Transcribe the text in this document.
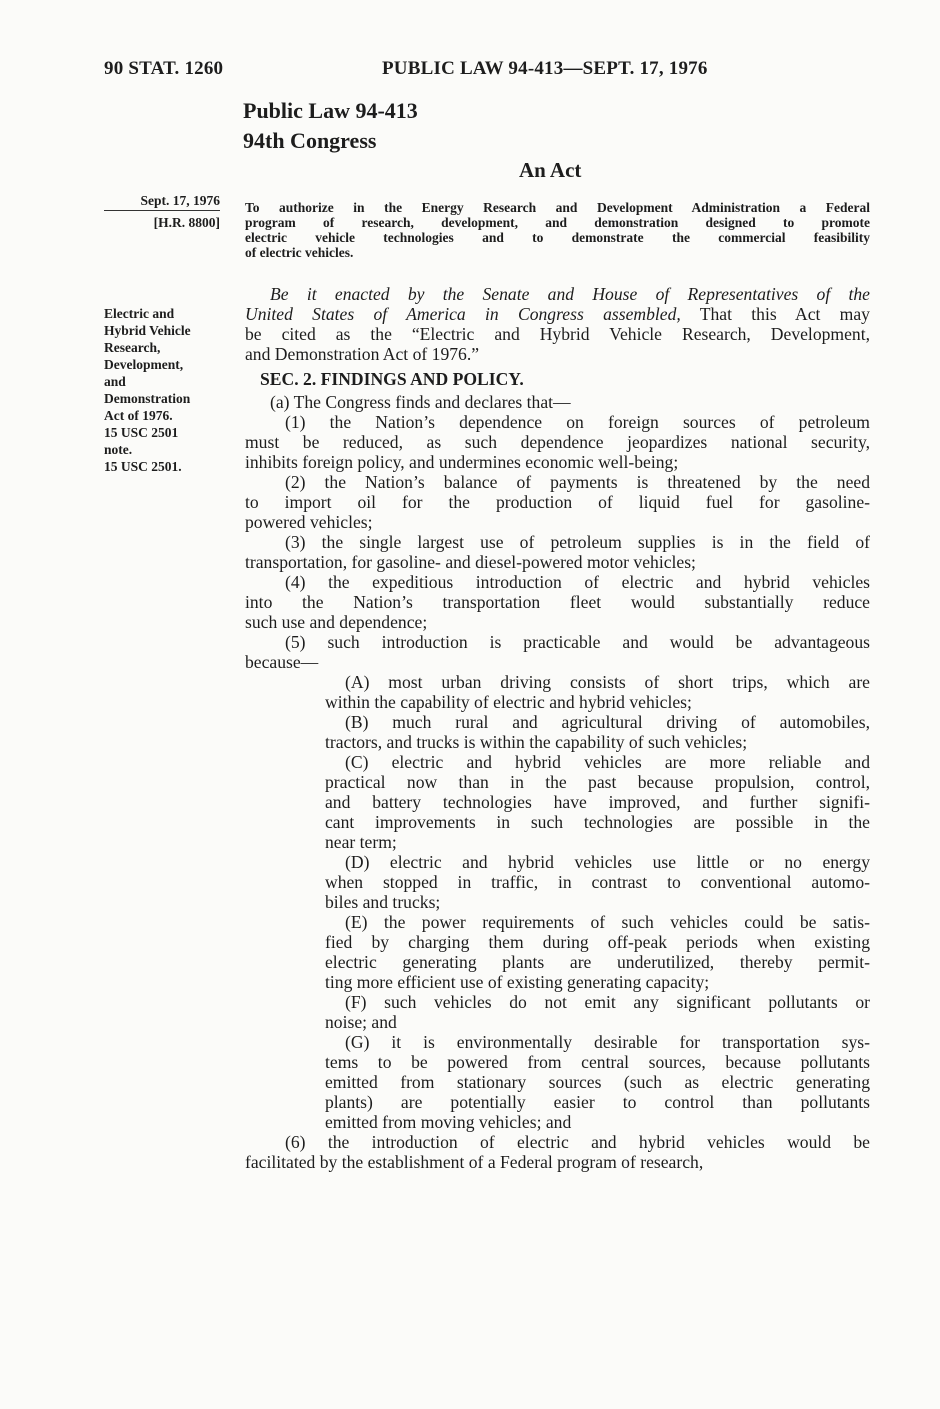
90 STAT. 1260	PUBLIC LAW 94-413—SEPT. 17, 1976
Public Law 94-413
94th Congress
An Act
Sept. 17, 1976
[H.R. 8800]
Electric and
Hybrid Vehicle
Research,
Development,
and
Demonstration
Act of 1976.
15 USC 2501
note.
15 USC 2501.
To authorize in the Energy Research and Development Administration a Federal
program of research, development, and demonstration designed to promote
electric vehicle technologies and to demonstrate the commercial feasibility
of electric vehicles.
Be it enacted by the Senate and House of Representatives of the
United States of America in Congress assembled, That this Act may
be cited as the “Electric and Hybrid Vehicle Research, Development,
and Demonstration Act of 1976.”
SEC. 2. FINDINGS AND POLICY.
(a) The Congress finds and declares that—
(1) the Nation’s dependence on foreign sources of petroleum
must be reduced, as such dependence jeopardizes national security,
inhibits foreign policy, and undermines economic well-being;
(2) the Nation’s balance of payments is threatened by the need
to import oil for the production of liquid fuel for gasoline-
powered vehicles;
(3) the single largest use of petroleum supplies is in the field of
transportation, for gasoline- and diesel-powered motor vehicles;
(4) the expeditious introduction of electric and hybrid vehicles
into the Nation’s transportation fleet would substantially reduce
such use and dependence;
(5) such introduction is practicable and would be advantageous
because—
(A) most urban driving consists of short trips, which are
within the capability of electric and hybrid vehicles;
(B) much rural and agricultural driving of automobiles,
tractors, and trucks is within the capability of such vehicles;
(C) electric and hybrid vehicles are more reliable and
practical now than in the past because propulsion, control,
and battery technologies have improved, and further signifi-
cant improvements in such technologies are possible in the
near term;
(D) electric and hybrid vehicles use little or no energy
when stopped in traffic, in contrast to conventional automo-
biles and trucks;
(E) the power requirements of such vehicles could be satis-
fied by charging them during off-peak periods when existing
electric generating plants are underutilized, thereby permit-
ting more efficient use of existing generating capacity;
(F) such vehicles do not emit any significant pollutants or
noise; and
(G) it is environmentally desirable for transportation sys-
tems to be powered from central sources, because pollutants
emitted from stationary sources (such as electric generating
plants) are potentially easier to control than pollutants
emitted from moving vehicles; and
(6) the introduction of electric and hybrid vehicles would be
facilitated by the establishment of a Federal program of research,
